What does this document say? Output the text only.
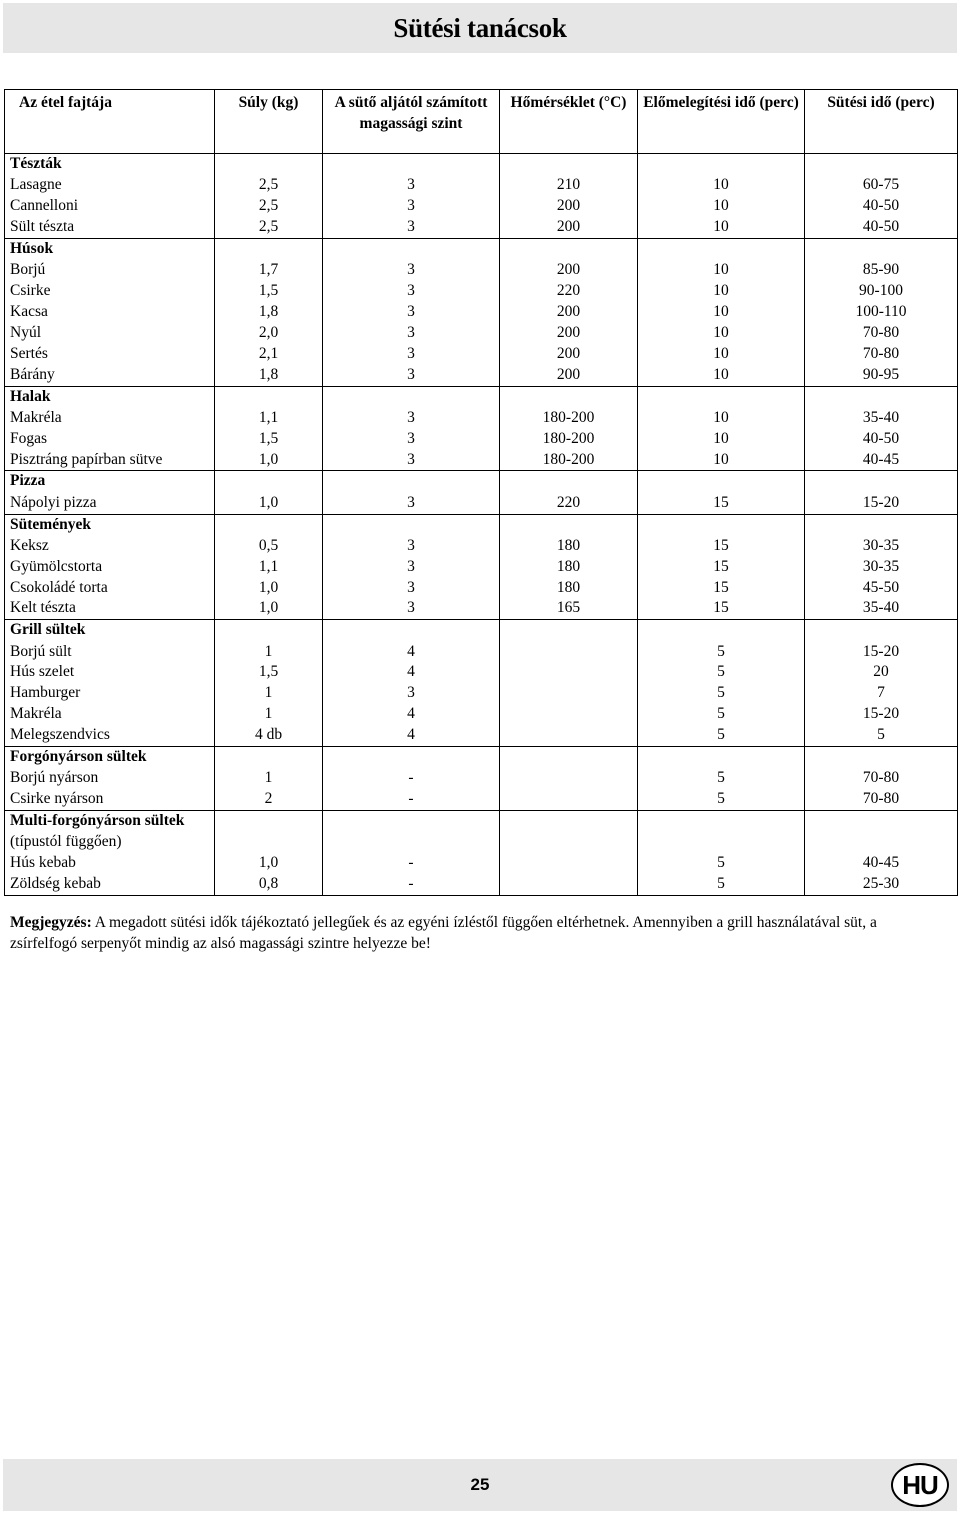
Sütési tanácsok
Az étel fajtája	Súly (kg)	A sütő aljától számított magassági szint	Hőmérséklet (°C)	Előmelegítési idő (perc)	Sütési idő (perc)
Tészták					
Lasagne	2,5	3	210	10	60-75
Cannelloni	2,5	3	200	10	40-50
Sült tészta	2,5	3	200	10	40-50
Húsok					
Borjú	1,7	3	200	10	85-90
Csirke	1,5	3	220	10	90-100
Kacsa	1,8	3	200	10	100-110
Nyúl	2,0	3	200	10	70-80
Sertés	2,1	3	200	10	70-80
Bárány	1,8	3	200	10	90-95
Halak					
Makréla	1,1	3	180-200	10	35-40
Fogas	1,5	3	180-200	10	40-50
Pisztráng papírban sütve	1,0	3	180-200	10	40-45
Pizza					
Nápolyi pizza	1,0	3	220	15	15-20
Sütemények					
Keksz	0,5	3	180	15	30-35
Gyümölcstorta	1,1	3	180	15	30-35
Csokoládé torta	1,0	3	180	15	45-50
Kelt tészta	1,0	3	165	15	35-40
Grill sültek					
Borjú sült	1	4		5	15-20
Hús szelet	1,5	4		5	20
Hamburger	1	3		5	7
Makréla	1	4		5	15-20
Melegszendvics	4 db	4		5	5
Forgónyárson sültek					
Borjú nyárson	1	-		5	70-80
Csirke nyárson	2	-		5	70-80
Multi-forgónyárson sültek (típustól függően)					
Hús kebab	1,0	-		5	40-45
Zöldség kebab	0,8	-		5	25-30
Megjegyzés: A megadott sütési idők tájékoztató jellegűek és az egyéni ízléstől függően eltérhetnek. Amennyiben a grill használatával süt, a zsírfelfogó serpenyőt mindig az alsó magassági szintre helyezze be!
25	HU
